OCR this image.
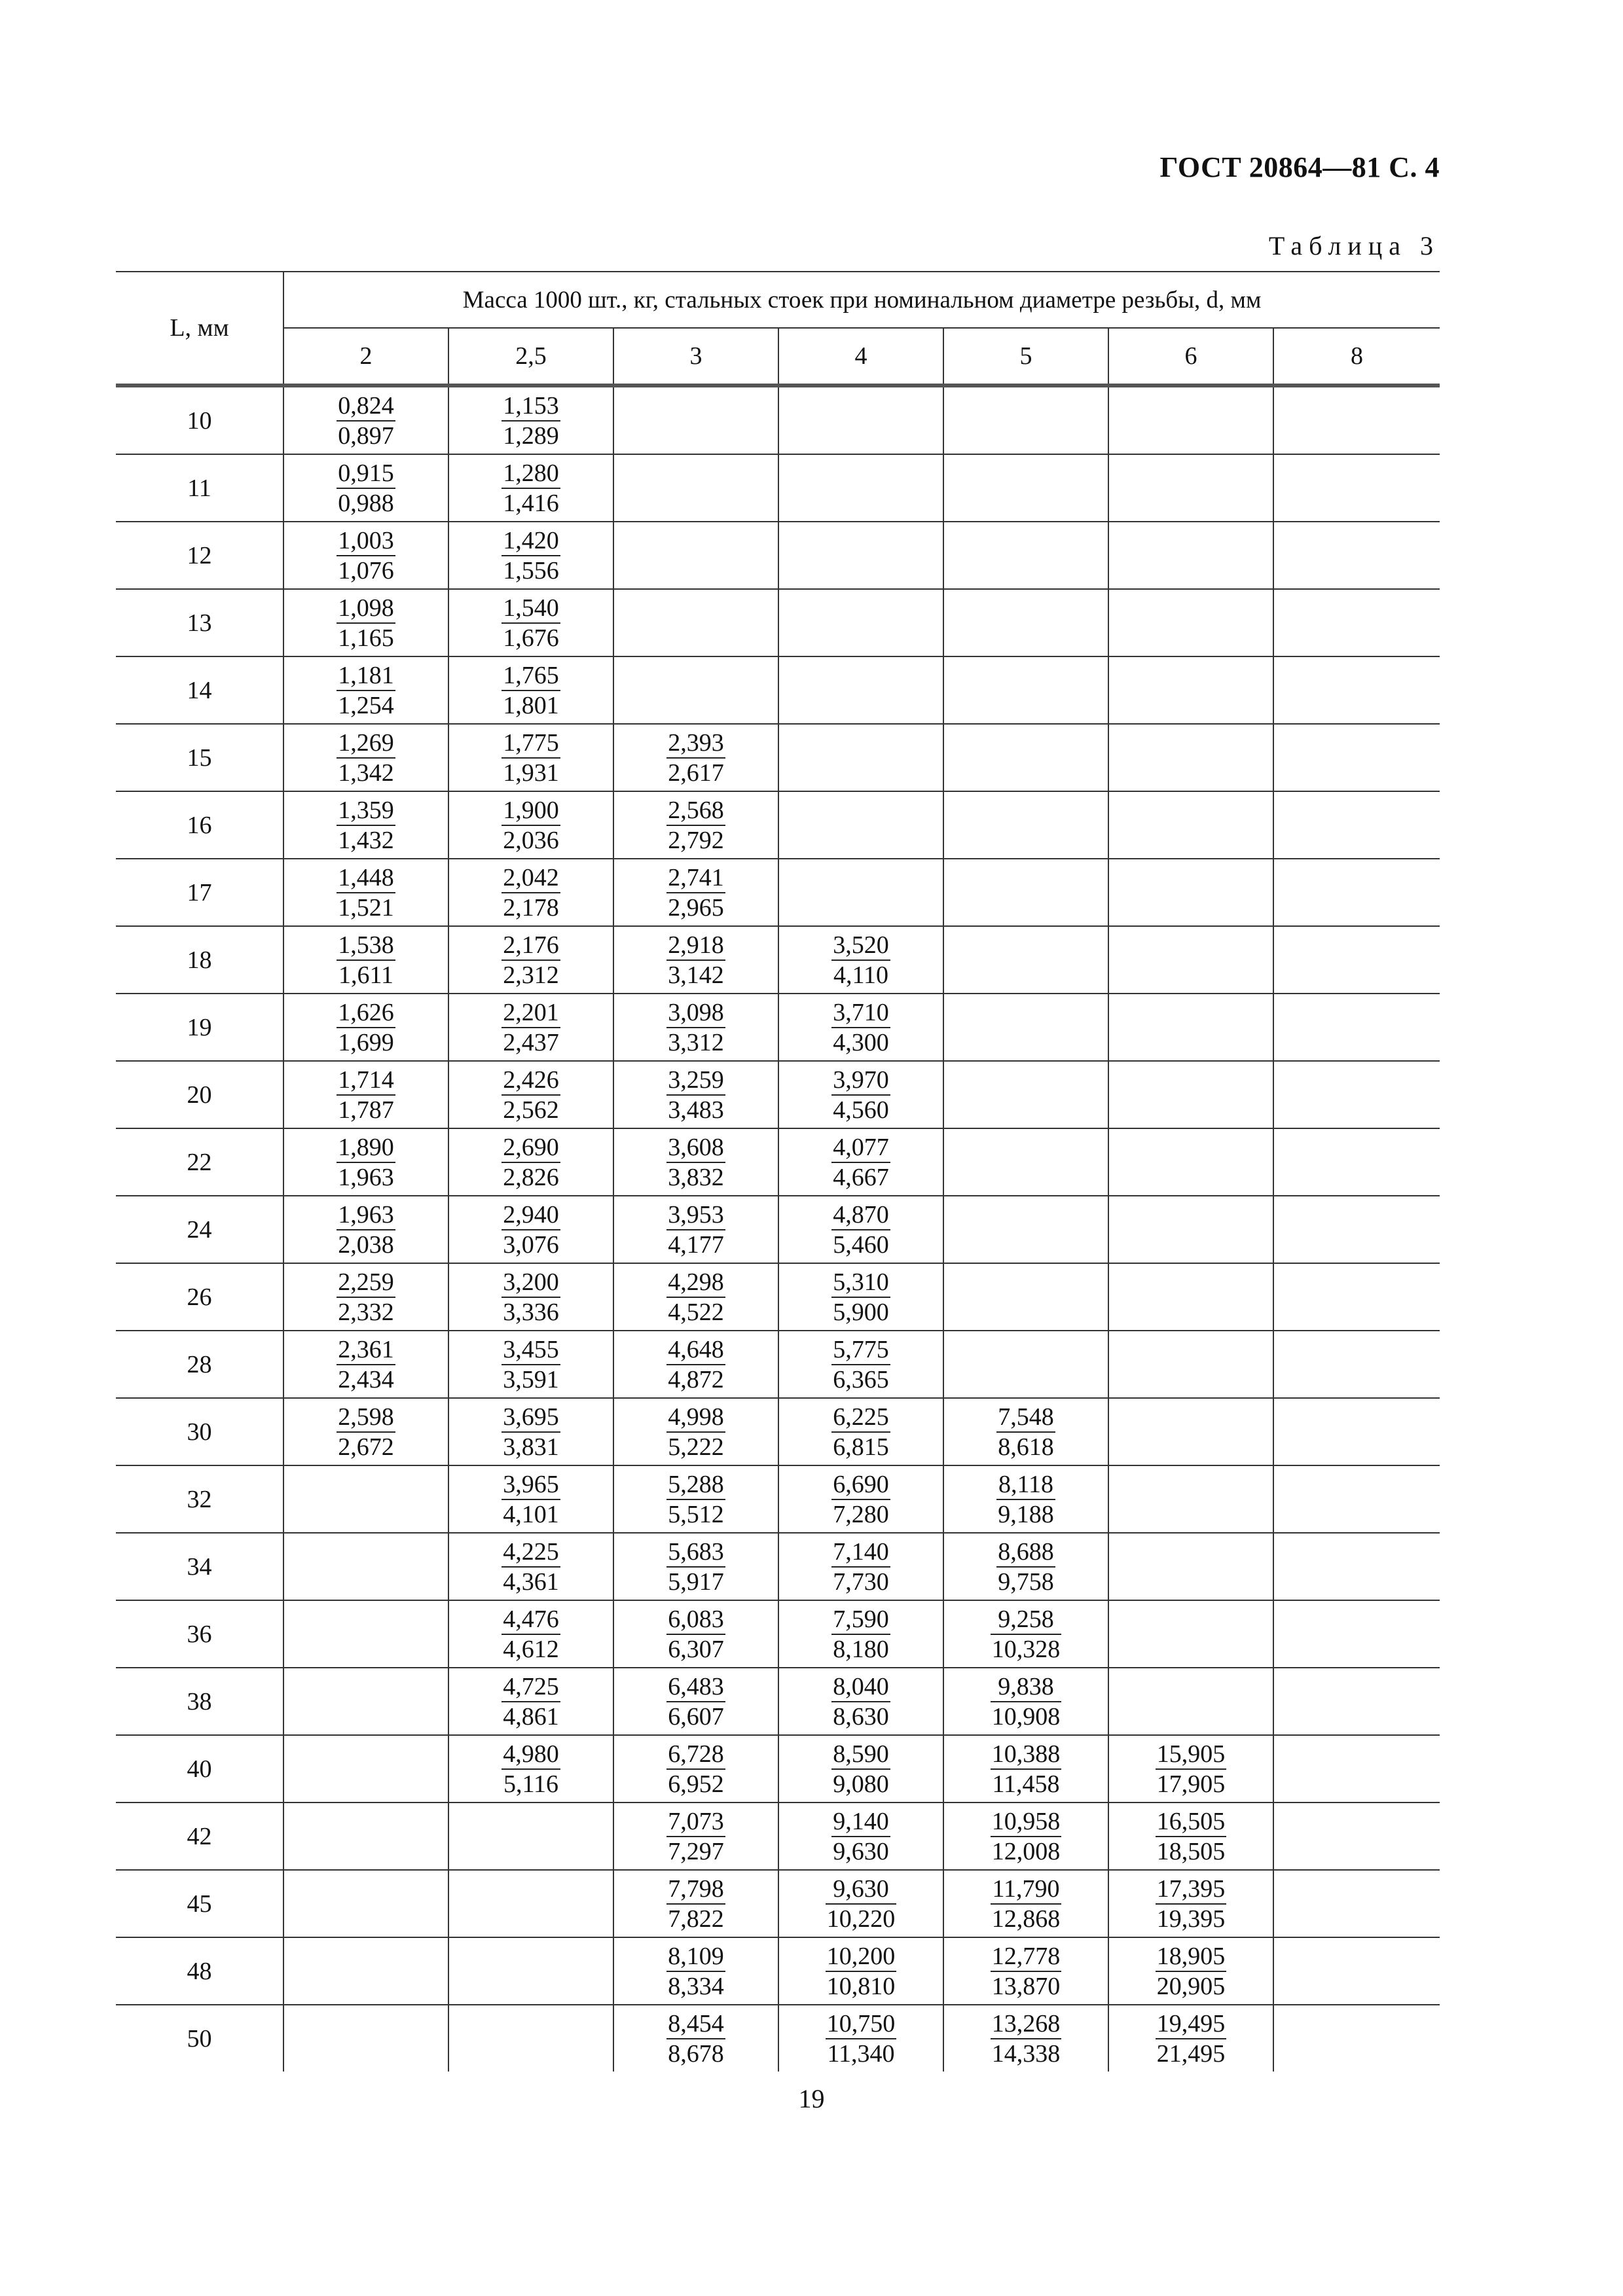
ГОСТ 20864—81 С. 4
Таблица 3
L, мм	Масса 1000 шт., кг, стальных стоек при номинальном диаметре резьбы, d, мм						
	2	2,5	3	4	5	6	8
10	$\frac{0,824}{0,897}$	$\frac{1,153}{1,289}$

11	$\frac{0,915}{0,988}$	$\frac{1,280}{1,416}$

12	$\frac{1,003}{1,076}$	$\frac{1,420}{1,556}$

13	$\frac{1,098}{1,165}$	$\frac{1,540}{1,676}$

14	$\frac{1,181}{1,254}$	$\frac{1,765}{1,801}$

15	$\frac{1,269}{1,342}$	$\frac{1,775}{1,931}$	$\frac{2,393}{2,617}$

16	$\frac{1,359}{1,432}$	$\frac{1,900}{2,036}$	$\frac{2,568}{2,792}$

17	$\frac{1,448}{1,521}$	$\frac{2,042}{2,178}$	$\frac{2,741}{2,965}$

18	$\frac{1,538}{1,611}$	$\frac{2,176}{2,312}$	$\frac{2,918}{3,142}$	$\frac{3,520}{4,110}$

19	$\frac{1,626}{1,699}$	$\frac{2,201}{2,437}$	$\frac{3,098}{3,312}$	$\frac{3,710}{4,300}$

20	$\frac{1,714}{1,787}$	$\frac{2,426}{2,562}$	$\frac{3,259}{3,483}$	$\frac{3,970}{4,560}$

22	$\frac{1,890}{1,963}$	$\frac{2,690}{2,826}$	$\frac{3,608}{3,832}$	$\frac{4,077}{4,667}$

24	$\frac{1,963}{2,038}$	$\frac{2,940}{3,076}$	$\frac{3,953}{4,177}$	$\frac{4,870}{5,460}$

26	$\frac{2,259}{2,332}$	$\frac{3,200}{3,336}$	$\frac{4,298}{4,522}$	$\frac{5,310}{5,900}$

28	$\frac{2,361}{2,434}$	$\frac{3,455}{3,591}$	$\frac{4,648}{4,872}$	$\frac{5,775}{6,365}$

30	$\frac{2,598}{2,672}$	$\frac{3,695}{3,831}$	$\frac{4,998}{5,222}$	$\frac{6,225}{6,815}$	$\frac{7,548}{8,618}$

32		$\frac{3,965}{4,101}$	$\frac{5,288}{5,512}$	$\frac{6,690}{7,280}$	$\frac{8,118}{9,188}$

34		$\frac{4,225}{4,361}$	$\frac{5,683}{5,917}$	$\frac{7,140}{7,730}$	$\frac{8,688}{9,758}$

36		$\frac{4,476}{4,612}$	$\frac{6,083}{6,307}$	$\frac{7,590}{8,180}$	$\frac{9,258}{10,328}$

38		$\frac{4,725}{4,861}$	$\frac{6,483}{6,607}$	$\frac{8,040}{8,630}$	$\frac{9,838}{10,908}$

40		$\frac{4,980}{5,116}$	$\frac{6,728}{6,952}$	$\frac{8,590}{9,080}$	$\frac{10,388}{11,458}$	$\frac{15,905}{17,905}$

42			$\frac{7,073}{7,297}$	$\frac{9,140}{9,630}$	$\frac{10,958}{12,008}$	$\frac{16,505}{18,505}$

45			$\frac{7,798}{7,822}$	$\frac{9,630}{10,220}$	$\frac{11,790}{12,868}$	$\frac{17,395}{19,395}$

48			$\frac{8,109}{8,334}$	$\frac{10,200}{10,810}$	$\frac{12,778}{13,870}$	$\frac{18,905}{20,905}$

50			$\frac{8,454}{8,678}$	$\frac{10,750}{11,340}$	$\frac{13,268}{14,338}$	$\frac{19,495}{21,495}$

19
